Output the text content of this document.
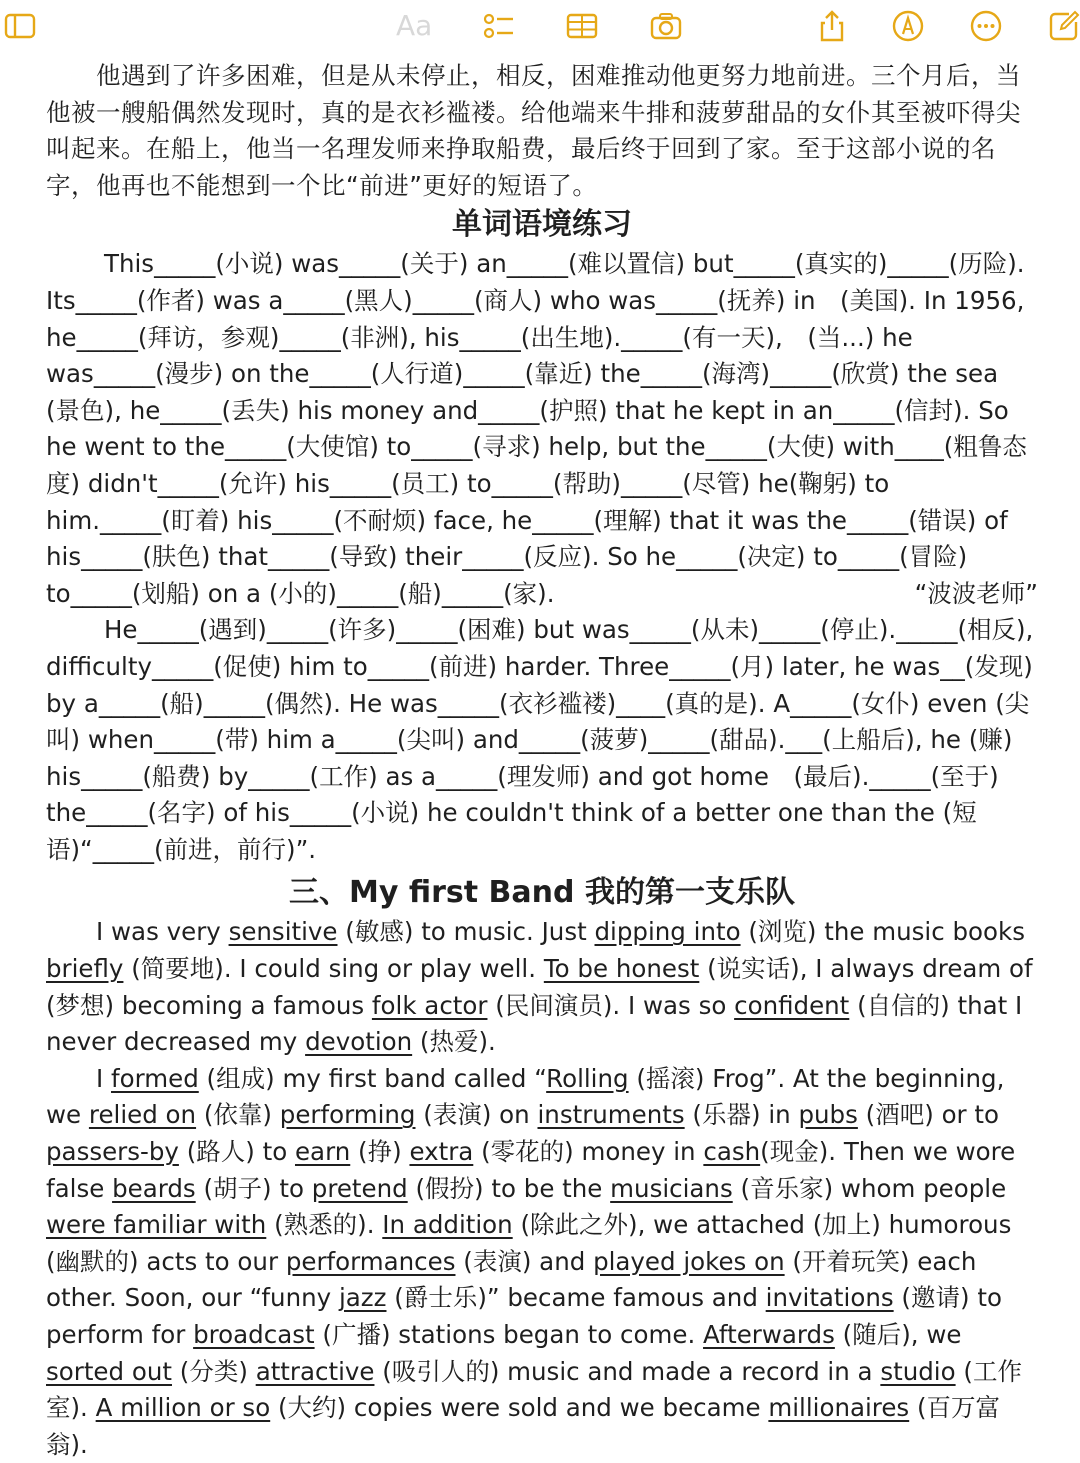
Aa

他遇到了许多困难，但是从未停止，相反，困难推动他更努力地前进。三个月后，当他被一艘船偶然发现时，真的是衣衫褴褛。给他端来牛排和菠萝甜品的女仆其至被吓得尖叫起来。在船上，他当一名理发师来挣取船费，最后终于回到了家。至于这部小说的名字，他再也不能想到一个比“前进”更好的短语了。

单词语境练习

This_____(小说) was_____(关于) an_____(难以置信) but_____(真实的)_____(历险). Its_____(作者) was a_____(黑人)_____(商人) who was_____(抚养) in　(美国). In 1956, he_____(拜访，参观)_____(非洲), his_____(出生地)._____(有一天),　(当...) he was_____(漫步) on the_____(人行道)_____(靠近) the_____(海湾)_____(欣赏) the sea (景色), he_____(丢失) his money and_____(护照) that he kept in an_____(信封). So he went to the_____(大使馆) to_____(寻求) help, but the_____(大使) with____(粗鲁态度) didn't_____(允许) his_____(员工) to_____(帮助)_____(尽管) he(鞠躬) to him._____(盯着) his_____(不耐烦) face, he_____(理解) that it was the_____(错误) of his_____(肤色) that_____(导致) their_____(反应). So he_____(决定) to_____(冒险) to_____(划船) on a (小的)_____(船)_____(家).	“波波老师”

He_____(遇到)_____(许多)_____(困难) but was_____(从未)_____(停止)._____(相反), difficulty_____(促使) him to_____(前进) harder. Three_____(月) later, he was__(发现) by a_____(船)_____(偶然). He was_____(衣衫褴褛)____(真的是). A_____(女仆) even (尖叫) when_____(带) him a_____(尖叫) and_____(菠萝)_____(甜品).___(上船后), he (赚) his_____(船费) by_____(工作) as a_____(理发师) and got home　(最后)._____(至于) the_____(名字) of his_____(小说) he couldn't think of a better one than the (短语)“_____(前进，前行)”.

三、My first Band 我的第一支乐队

I was very sensitive (敏感) to music. Just dipping into (浏览) the music books briefly (简要地). I could sing or play well. To be honest (说实话), I always dream of (梦想) becoming a famous folk actor (民间演员). I was so confident (自信的) that I never decreased my devotion (热爱).

I formed (组成) my first band called “Rolling (摇滚) Frog”. At the beginning, we relied on (依靠) performing (表演) on instruments (乐器) in pubs (酒吧) or to passers-by (路人) to earn (挣) extra (零花的) money in cash(现金). Then we wore false beards (胡子) to pretend (假扮) to be the musicians (音乐家) whom people were familiar with (熟悉的). In addition (除此之外), we attached (加上) humorous (幽默的) acts to our performances (表演) and played jokes on (开着玩笑) each other. Soon, our “funny jazz (爵士乐)” became famous and invitations (邀请) to perform for broadcast (广播) stations began to come. Afterwards (随后), we sorted out (分类) attractive (吸引人的) music and made a record in a studio (工作室). A million or so (大约) copies were sold and we became millionaires (百万富翁).
